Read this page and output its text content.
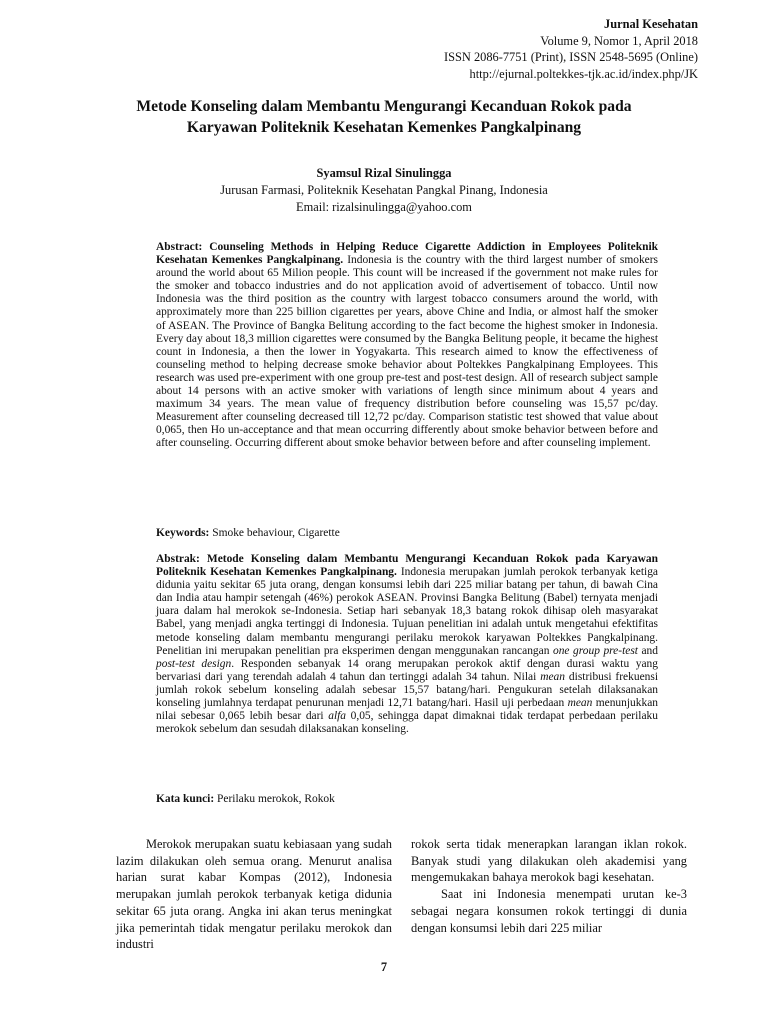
Jurnal Kesehatan
Volume 9, Nomor 1, April 2018
ISSN 2086-7751 (Print), ISSN 2548-5695 (Online)
http://ejurnal.poltekkes-tjk.ac.id/index.php/JK
Metode Konseling dalam Membantu Mengurangi Kecanduan Rokok pada
Karyawan Politeknik Kesehatan Kemenkes Pangkalpinang
Syamsul Rizal Sinulingga
Jurusan Farmasi, Politeknik Kesehatan Pangkal Pinang, Indonesia
Email: rizalsinulingga@yahoo.com
Abstract: Counseling Methods in Helping Reduce Cigarette Addiction in Employees Politeknik Kesehatan Kemenkes Pangkalpinang. Indonesia is the country with the third largest number of smokers around the world about 65 Milion people. This count will be increased if the government not make rules for the smoker and tobacco industries and do not application avoid of advertisement of tobacco. Until now Indonesia was the third position as the country with largest tobacco consumers around the world, with approximately more than 225 billion cigarettes per years, above Chine and India, or almost half the smoker of ASEAN. The Province of Bangka Belitung according to the fact become the highest smoker in Indonesia. Every day about 18,3 million cigarettes were consumed by the Bangka Belitung people, it became the highest count in Indonesia, a then the lower in Yogyakarta. This research aimed to know the effectiveness of counseling method to helping decrease smoke behavior about Poltekkes Pangkalpinang Employees. This research was used pre-experiment with one group pre-test and post-test design. All of research subject sample about 14 persons with an active smoker with variations of length since minimum about 4 years and maximum 34 years. The mean value of frequency distribution before counseling was 15,57 pc/day. Measurement after counseling decreased till 12,72 pc/day. Comparison statistic test showed that value about 0,065, then Ho un-acceptance and that mean occurring differently about smoke behavior between before and after counseling. Occurring different about smoke behavior between before and after counseling implement.
Keywords: Smoke behaviour, Cigarette
Abstrak: Metode Konseling dalam Membantu Mengurangi Kecanduan Rokok pada Karyawan Politeknik Kesehatan Kemenkes Pangkalpinang. Indonesia merupakan jumlah perokok terbanyak ketiga didunia yaitu sekitar 65 juta orang, dengan konsumsi lebih dari 225 miliar batang per tahun, di bawah Cina dan India atau hampir setengah (46%) perokok ASEAN. Provinsi Bangka Belitung (Babel) ternyata menjadi juara dalam hal merokok se-Indonesia. Setiap hari sebanyak 18,3 batang rokok dihisap oleh masyarakat Babel, yang menjadi angka tertinggi di Indonesia. Tujuan penelitian ini adalah untuk mengetahui efektifitas metode konseling dalam membantu mengurangi perilaku merokok karyawan Poltekkes Pangkalpinang. Penelitian ini merupakan penelitian pra eksperimen dengan menggunakan rancangan one group pre-test and post-test design. Responden sebanyak 14 orang merupakan perokok aktif dengan durasi waktu yang bervariasi dari yang terendah adalah 4 tahun dan tertinggi adalah 34 tahun. Nilai mean distribusi frekuensi jumlah rokok sebelum konseling adalah sebesar 15,57 batang/hari. Pengukuran setelah dilaksanakan konseling jumlahnya terdapat penurunan menjadi 12,71 batang/hari. Hasil uji perbedaan mean menunjukkan nilai sebesar 0,065 lebih besar dari alfa 0,05, sehingga dapat dimaknai tidak terdapat perbedaan perilaku merokok sebelum dan sesudah dilaksanakan konseling.
Kata kunci: Perilaku merokok, Rokok

Merokok merupakan suatu kebiasaan yang sudah lazim dilakukan oleh semua orang. Menurut analisa harian surat kabar Kompas (2012), Indonesia merupakan jumlah perokok terbanyak ketiga didunia sekitar 65 juta orang. Angka ini akan terus meningkat jika pemerintah tidak mengatur perilaku merokok dan industri

rokok serta tidak menerapkan larangan iklan rokok. Banyak studi yang dilakukan oleh akademisi yang mengemukakan bahaya merokok bagi kesehatan.

Saat ini Indonesia menempati urutan ke-3 sebagai negara konsumen rokok tertinggi di dunia dengan konsumsi lebih dari 225 miliar

7
